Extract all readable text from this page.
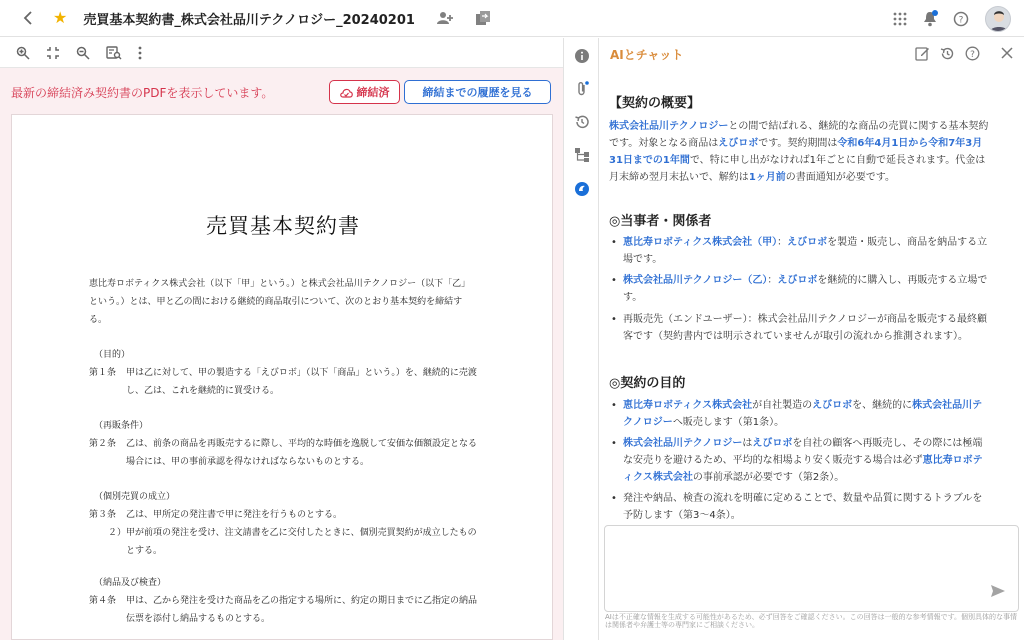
★ 売買基本契約書_株式会社品川テクノロジー_20240201	?
最新の締結済み契約書のPDFを表示しています。	締結済	締結までの履歴を見る
売買基本契約書
恵比寿ロボティクス株式会社（以下「甲」という。）と株式会社品川テクノロジー（以下「乙」という。）とは、甲と乙の間における継続的商品取引について、次のとおり基本契約を締結する。
（目的）
第１条	甲は乙に対して、甲の製造する「えびロボ」（以下「商品」という。）を、継続的に売渡し、乙は、これを継続的に買受ける。
（再販条件）
第２条	乙は、前条の商品を再販売するに際し、平均的な時価を逸脱して安価な価額設定となる場合には、甲の事前承認を得なければならないものとする。
（個別売買の成立）
第３条	乙は、甲所定の発注書で甲に発注を行うものとする。
２） 甲が前項の発注を受け、注文請書を乙に交付したときに、個別売買契約が成立したものとする。
（納品及び検査）
第４条	甲は、乙から発注を受けた商品を乙の指定する場所に、約定の期日までに乙指定の納品伝票を添付し納品するものとする。
AIとチャット	?
【契約の概要】
株式会社品川テクノロジーとの間で結ばれる、継続的な商品の売買に関する基本契約です。対象となる商品はえびロボです。契約期間は令和6年4月1日から令和7年3月31日までの1年間で、特に申し出がなければ1年ごとに自動で延長されます。代金は月末締め翌月末払いで、解約は1ヶ月前の書面通知が必要です。
◎当事者・関係者
• 恵比寿ロボティクス株式会社（甲）：えびロボを製造・販売し、商品を納品する立場です。
• 株式会社品川テクノロジー（乙）：えびロボを継続的に購入し、再販売する立場です。
• 再販売先（エンドユーザー）：株式会社品川テクノロジーが商品を販売する最終顧客です（契約書内では明示されていませんが取引の流れから推測されます）。
◎契約の目的
• 恵比寿ロボティクス株式会社が自社製造のえびロボを、継続的に株式会社品川テクノロジーへ販売します（第1条）。
• 株式会社品川テクノロジーはえびロボを自社の顧客へ再販売し、その際には極端な安売りを避けるため、平均的な相場より安く販売する場合は必ず恵比寿ロボティクス株式会社の事前承認が必要です（第2条）。
• 発注や納品、検査の流れを明確に定めることで、数量や品質に関するトラブルを予防します（第3〜4条）。
AIは不正確な情報を生成する可能性があるため、必ず回答をご確認ください。この回答は一般的な参考情報です。個別具体的な事情は関係者や弁護士等の専門家にご相談ください。
